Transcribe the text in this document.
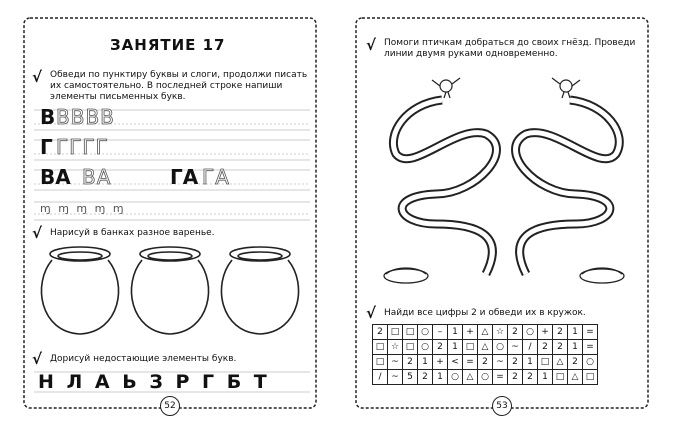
ЗАНЯТИЕ 17
√ Обведи по пунктиру буквы и слоги, продолжи писать их самостоятельно. В последней строке напиши элементы письменных букв.
В ВВВВ
Г ГГГГ
ВА ВА	ГА ГА
ɱ ɱ ɱ ɱ ɱ
√ Нарисуй в банках разное варенье.
√ Дорисуй недостающие элементы букв.
Н Л А Ь З Р Г Б Т
52
√ Помоги птичкам добраться до своих гнёзд. Проведи линии двумя руками одновременно.
√ Найди все цифры 2 и обведи их в кружок.
2	□	□	○	–	1	+	△	☆	2	○	+	2	1	=
□	☆	□	○	2	1	□	△	○	~	/	2	2	1	=
□	~	2	1	+	<	=	2	~	2	1	□	△	2	○
/	~	5	2	1	○	△	○	=	2	2	1	□	△	□
53
